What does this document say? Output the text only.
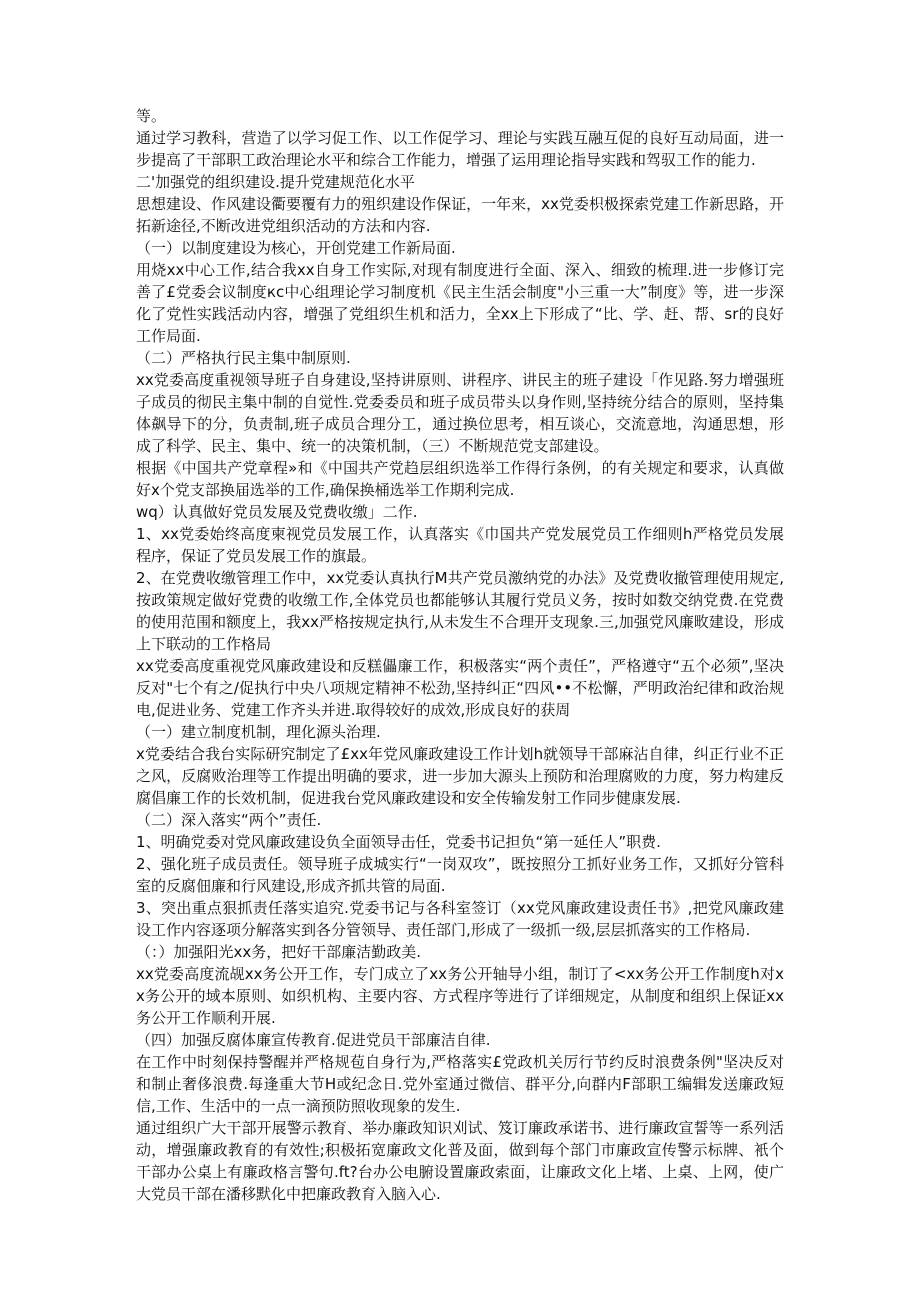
等。

通过学习教科，营造了以学习促工作、以工作促学习、理论与实践互融互促的良好互动局面，进一步提高了干部职工政治理论水平和综合工作能力，增强了运用理论指导实践和驾驭工作的能力.

二'加强党的组织建设.提升党建规范化水平

思想建设、作风建设衢要覆有力的殂织建设作保证，一年来，xx党委枳极探索党建工作新思路，开拓新途径,不断改进党组织活动的方法和内容.

（一）以制度建设为核心，开创党建工作新局面.

用烧xx中心工作,结合我xx自身工作实际,对现有制度进行全面、深入、细致的梳理.进一步修订完善了£党委会议制度кс中心组理论学习制度机《民主生活会制度"小三重一大”制度》等，进一步深化了党性实践活动内容，增强了党组织生机和活力，全xx上下形成了“比、学、赶、帮、sr的良好工作局面.

（二）严格执行民主集中制原则.

xx党委高度重视领导班子自身建设,坚持讲原则、讲程序、讲民主的班子建设「作见路.努力增强班子成员的彻民主集中制的自觉性.党委委员和班子成员带头以身作则,坚持统分结合的原则，坚持集体飙导下的分，负责制,班子成员合理分工，通过换位思考，相互谈心，交流意地，沟通思想，形成了科学、民主、集中、统一的决策机制，（三）不断规范党支部建设。

根据《中国共产党章程»和《中国共产党趋层组织选举工作得行条例，的有关规定和要求，认真做好x个党支部换届选举的工作,确保换桶选举工作期利完成.

wq）认真做好党员发展及党费收缴」二作.

1、xx党委始终高度柬视党员发展工作，认真落实《巾国共产党发展党员工作细则h严格党员发展程序，保证了党员发展工作的旗最。

2、在党费收缴管理工作中，xx党委认真执行M共产党员激纳党的办法》及党费收撤管理使用规定,按政策规定做好党费的收缴工作,全体党员也都能够认其履行党员义务，按时如数交纳党费.在党费的使用范围和额度上，我xx严格按规定执行,从未发生不合理开支现象.三,加强党风廉畋建设，形成上下联动的工作格局

xx党委高度重视党风廉政建设和反糕儡廉工作，积极落实“两个责任”，严格遵守“五个必须”,坚决反对"七个有之/促执行中央八项规定精神不松劲,坚持纠正“四风••不松懈，严明政治纪律和政治规电,促进业务、党建工作齐头并进.取得较好的成效,形成良好的获周

（一）建立制度机制，理化源头治理.

x党委结合我台实际研究制定了£xx年党风廉政建设工作计划h就领导干部麻沾自律，纠正行业不正之风，反腐败治理等工作提出明确的要求，进一步加大源头上预防和治理腐败的力度，努力构建反腐倡廉工作的长效机制，促进我台党风廉政建设和安全传输发射工作同步健康发展.

（二）深入落实“两个”责任.

1、明确党委对党风廉政建设负全面领导击任，党委书记担负“第一延任人”职费.

2、强化班子成员责任。领导班子成城实行“一岗双攻”，既按照分工抓好业务工作，又抓好分管科室的反腐佃廉和行风建设,形成齐抓共管的局面.

3、突出重点狠抓责任落实追究.党委书记与各科室签订（xx党风廉政建设责任书》,把党风廉政建设工作内容逐项分解落实到各分管领导、责任部门,形成了一级抓一级,层层抓落实的工作格局.

（：）加强阳光xx务，把好干部廉洁勤政美.

xx党委高度流觇xx务公开工作，专门成立了xx务公开轴导小组，制订了<xx务公开工作制度h对xx务公开的域本原则、如织机构、主要内容、方式程序等进行了详细规定，从制度和组织上保证xx务公开工作顺利开展.

（四）加强反腐体廉宣传教育.促进党员干部廉洁自律.

在工作中时刻保持警醒并严格规苞自身行为,严格落实£党政机关厉行节约反时浪费条例"坚决反对和制止奢侈浪费.每逢重大节H或纪念日.党外室通过微信、群平分,向群内F部职工编辑发送廉政短信,工作、生活中的一点一滴预防照收现象的发生.

通过组织广大干部开展警示教育、举办廉政知识刈试、笈订廉政承诺书、进行廉政宣誓等一系列活动，增强廉政教育的有效性;积极拓宽廉政文化普及面，做到每个部门市廉政宣传警示标牌、衹个干部办公桌上有廉政格言警句.ft?台办公电腑设置廉政索面，让廉政文化上堵、上桌、上网，使广大党员干部在潘移默化中把廉政教育入脑入心.
